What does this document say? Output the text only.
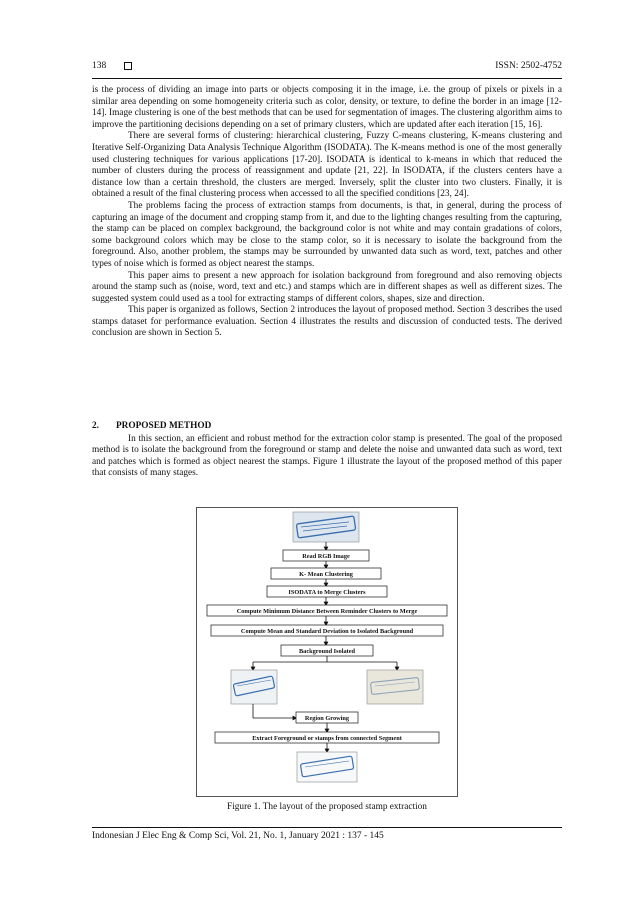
138	ISSN: 2502-4752

is the process of dividing an image into parts or objects composing it in the image, i.e. the group of pixels or pixels in a similar area depending on some homogeneity criteria such as color, density, or texture, to define the border in an image [12-14]. Image clustering is one of the best methods that can be used for segmentation of images. The clustering algorithm aims to improve the partitioning decisions depending on a set of primary clusters, which are updated after each iteration [15, 16].

There are several forms of clustering: hierarchical clustering, Fuzzy C-means clustering, K-means clustering and Iterative Self-Organizing Data Analysis Technique Algorithm (ISODATA). The K-means method is one of the most generally used clustering techniques for various applications [17-20]. ISODATA is identical to k-means in which that reduced the number of clusters during the process of reassignment and update [21, 22]. In ISODATA, if the clusters centers have a distance low than a certain threshold, the clusters are merged. Inversely, split the cluster into two clusters. Finally, it is obtained a result of the final clustering process when accessed to all the specified conditions [23, 24].

The problems facing the process of extraction stamps from documents, is that, in general, during the process of capturing an image of the document and cropping stamp from it, and due to the lighting changes resulting from the capturing, the stamp can be placed on complex background, the background color is not white and may contain gradations of colors, some background colors which may be close to the stamp color, so it is necessary to isolate the background from the foreground. Also, another problem, the stamps may be surrounded by unwanted data such as word, text, patches and other types of noise which is formed as object nearest the stamps.

This paper aims to present a new approach for isolation background from foreground and also removing objects around the stamp such as (noise, word, text and etc.) and stamps which are in different shapes as well as different sizes. The suggested system could used as a tool for extracting stamps of different colors, shapes, size and direction.

This paper is organized as follows, Section 2 introduces the layout of proposed method. Section 3 describes the used stamps dataset for performance evaluation. Section 4 illustrates the results and discussion of conducted tests. The derived conclusion are shown in Section 5.

2. PROPOSED METHOD

In this section, an efficient and robust method for the extraction color stamp is presented. The goal of the proposed method is to isolate the background from the foreground or stamp and delete the noise and unwanted data such as word, text and patches which is formed as object nearest the stamps. Figure 1 illustrate the layout of the proposed method of this paper that consists of many stages.

Read RGB Image
K- Mean Clustering
ISODATA to Merge Clusters
Compute Minimum Distance Between Reminder Clusters to Merge
Compute Mean and Standard Deviation to Isolated Background
Background Isolated
Region Growing
Extract Foreground or stamps from connected Segment
Figure 1. The layout of the proposed stamp extraction
Indonesian J Elec Eng & Comp Sci, Vol. 21, No. 1, January 2021 : 137 - 145
